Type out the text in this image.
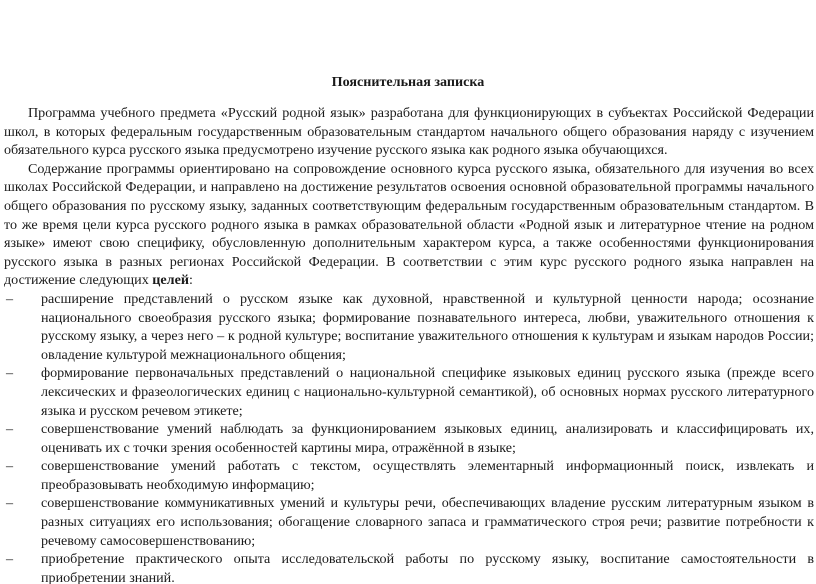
Пояснительная записка

Программа учебного предмета «Русский родной язык» разработана для функционирующих в субъектах Российской Федерации школ, в которых федеральным государственным образовательным стандартом начального общего образования наряду с изучением обязательного курса русского языка предусмотрено изучение русского языка как родного языка обучающихся.

Содержание программы ориентировано на сопровождение основного курса русского языка, обязательного для изучения во всех школах Российской Федерации, и направлено на достижение результатов освоения основной образовательной программы начального общего образования по русскому языку, заданных соответствующим федеральным государственным образовательным стандартом. В то же время цели курса русского родного языка в рамках образовательной области «Родной язык и литературное чтение на родном языке» имеют свою специфику, обусловленную дополнительным характером курса, а также особенностями функционирования русского языка в разных регионах Российской Федерации. В соответствии с этим курс русского родного языка направлен на достижение следующих целей:

– расширение представлений о русском языке как духовной, нравственной и культурной ценности народа; осознание национального своеобразия русского языка; формирование познавательного интереса, любви, уважительного отношения к русскому языку, а через него – к родной культуре; воспитание уважительного отношения к культурам и языкам народов России; овладение культурой межнационального общения;
– формирование первоначальных представлений о национальной специфике языковых единиц русского языка (прежде всего лексических и фразеологических единиц с национально-культурной семантикой), об основных нормах русского литературного языка и русском речевом этикете;
– совершенствование умений наблюдать за функционированием языковых единиц, анализировать и классифицировать их, оценивать их с точки зрения особенностей картины мира, отражённой в языке;
– совершенствование умений работать с текстом, осуществлять элементарный информационный поиск, извлекать и преобразовывать необходимую информацию;
– совершенствование коммуникативных умений и культуры речи, обеспечивающих владение русским литературным языком в разных ситуациях его использования; обогащение словарного запаса и грамматического строя речи; развитие потребности к речевому самосовершенствованию;
– приобретение практического опыта исследовательской работы по русскому языку, воспитание самостоятельности в приобретении знаний.
